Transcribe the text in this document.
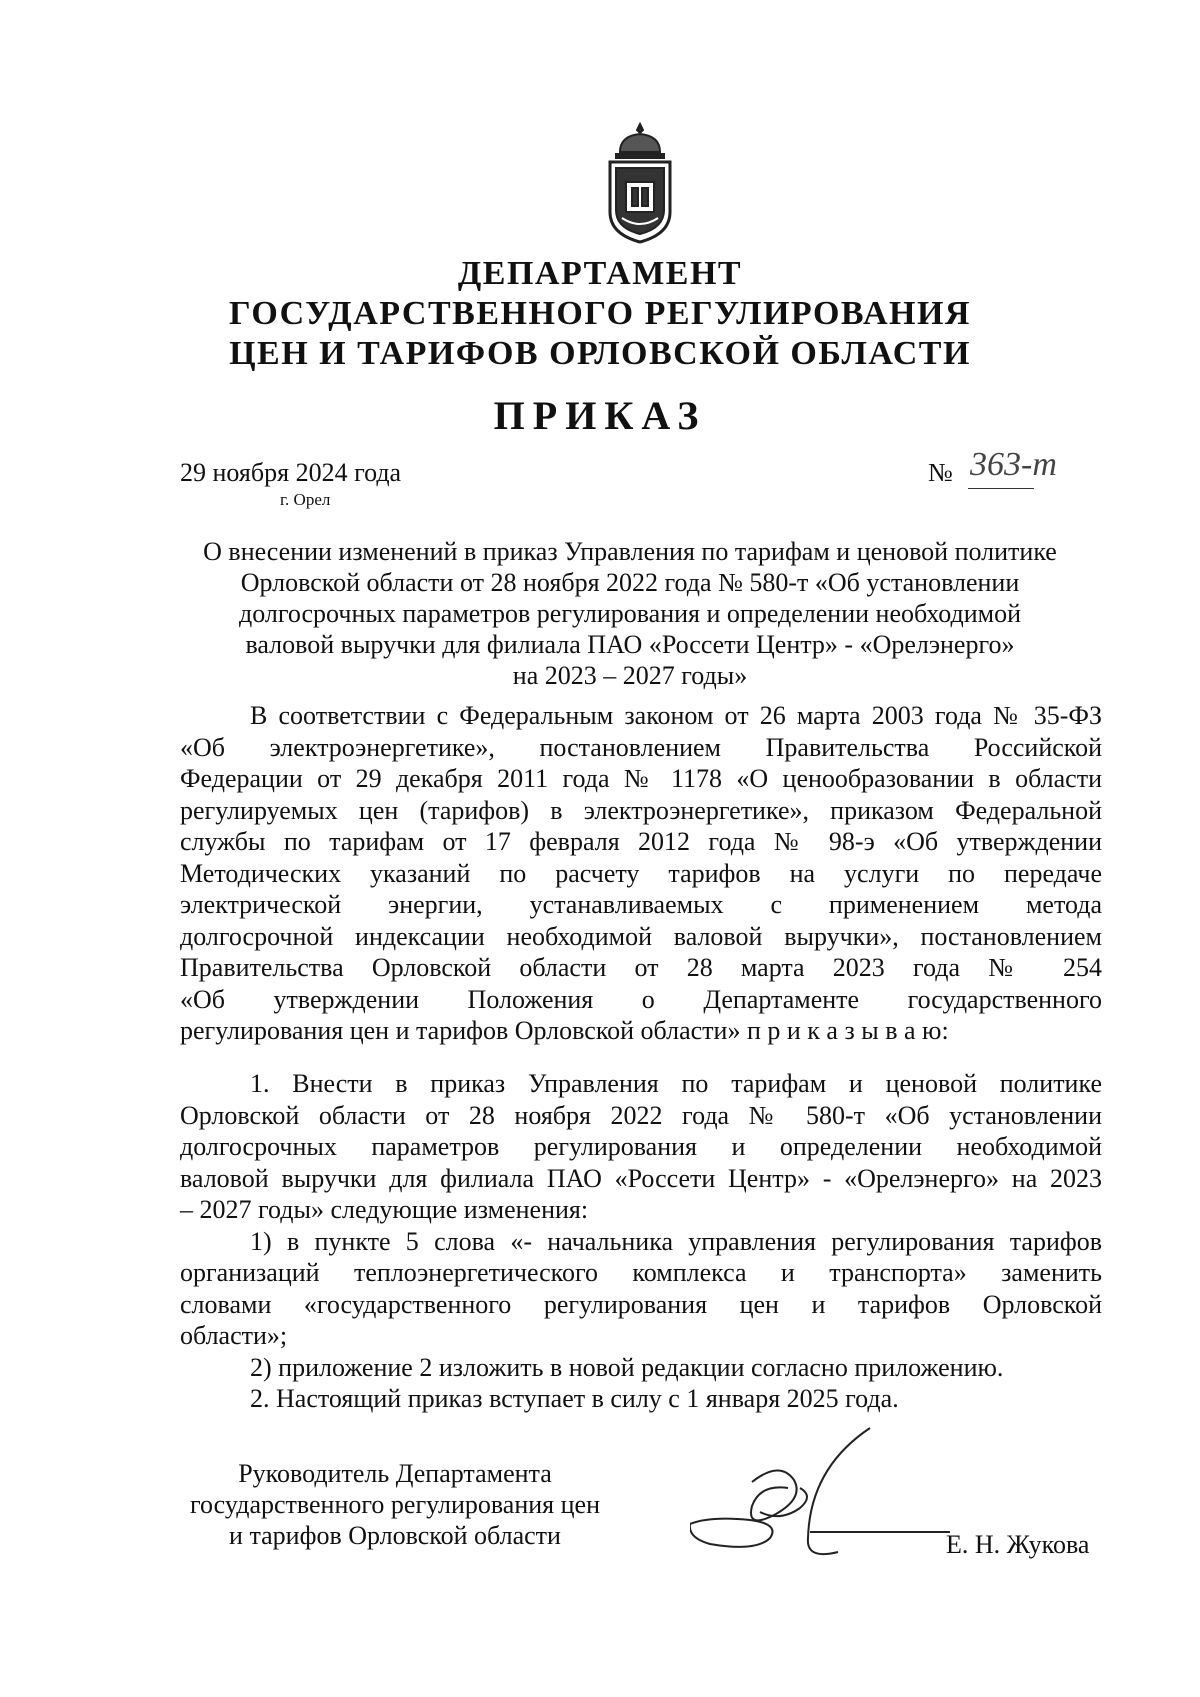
ДЕПАРТАМЕНТ
ГОСУДАРСТВЕННОГО РЕГУЛИРОВАНИЯ
ЦЕН И ТАРИФОВ ОРЛОВСКОЙ ОБЛАСТИ
ПРИКАЗ
29 ноября 2024 года
г. Орел
№ 363-т
О внесении изменений в приказ Управления по тарифам и ценовой политике
Орловской области от 28 ноября 2022 года № 580-т «Об установлении
долгосрочных параметров регулирования и определении необходимой
валовой выручки для филиала ПАО «Россети Центр» - «Орелэнерго»
на 2023 – 2027 годы»
В соответствии с Федеральным законом от 26 марта 2003 года № 35-ФЗ
«Об электроэнергетике», постановлением Правительства Российской
Федерации от 29 декабря 2011 года № 1178 «О ценообразовании в области
регулируемых цен (тарифов) в электроэнергетике», приказом Федеральной
службы по тарифам от 17 февраля 2012 года № 98-э «Об утверждении
Методических указаний по расчету тарифов на услуги по передаче
электрической энергии, устанавливаемых с применением метода
долгосрочной индексации необходимой валовой выручки», постановлением
Правительства Орловской области от 28 марта 2023 года № 254
«Об утверждении Положения о Департаменте государственного
регулирования цен и тарифов Орловской области» п р и к а з ы в а ю:
1. Внести в приказ Управления по тарифам и ценовой политике
Орловской области от 28 ноября 2022 года № 580-т «Об установлении
долгосрочных параметров регулирования и определении необходимой
валовой выручки для филиала ПАО «Россети Центр» - «Орелэнерго» на 2023
– 2027 годы» следующие изменения:
1) в пункте 5 слова «- начальника управления регулирования тарифов
организаций теплоэнергетического комплекса и транспорта» заменить
словами «государственного регулирования цен и тарифов Орловской
области»;
2) приложение 2 изложить в новой редакции согласно приложению.
2. Настоящий приказ вступает в силу с 1 января 2025 года.
Руководитель Департамента
государственного регулирования цен
и тарифов Орловской области	Е. Н. Жукова
